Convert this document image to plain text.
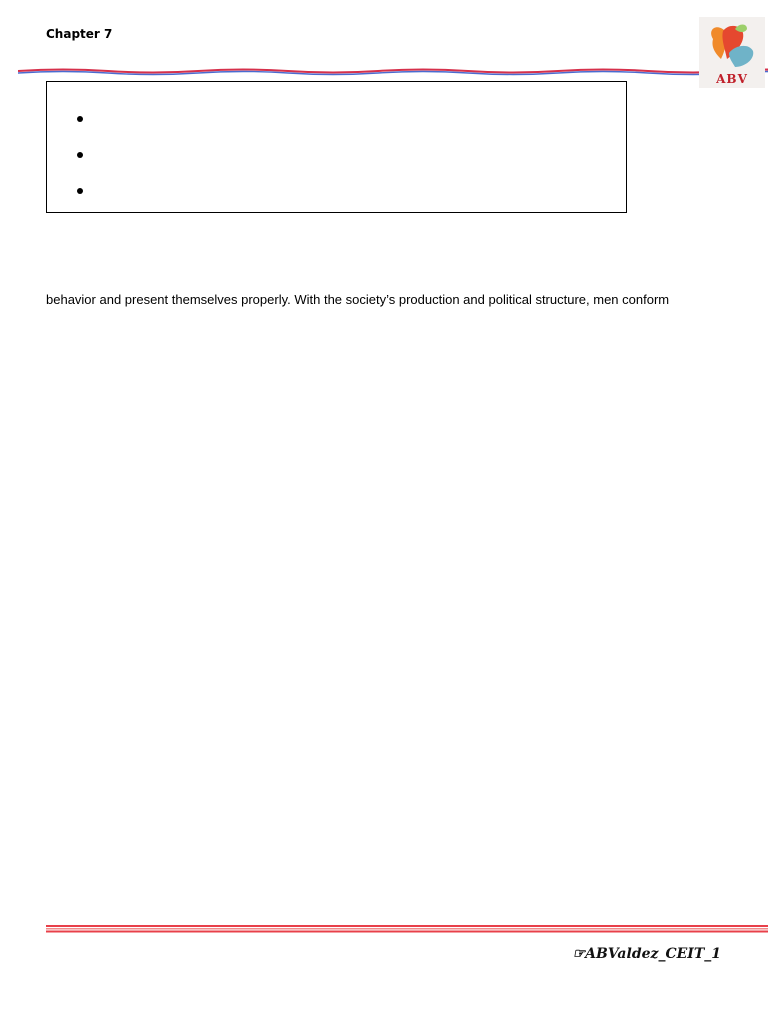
Chapter 7
ABV
behavior and present themselves properly. With the society’s production and political structure, men conform
☞ABValdez_CEIT_1
